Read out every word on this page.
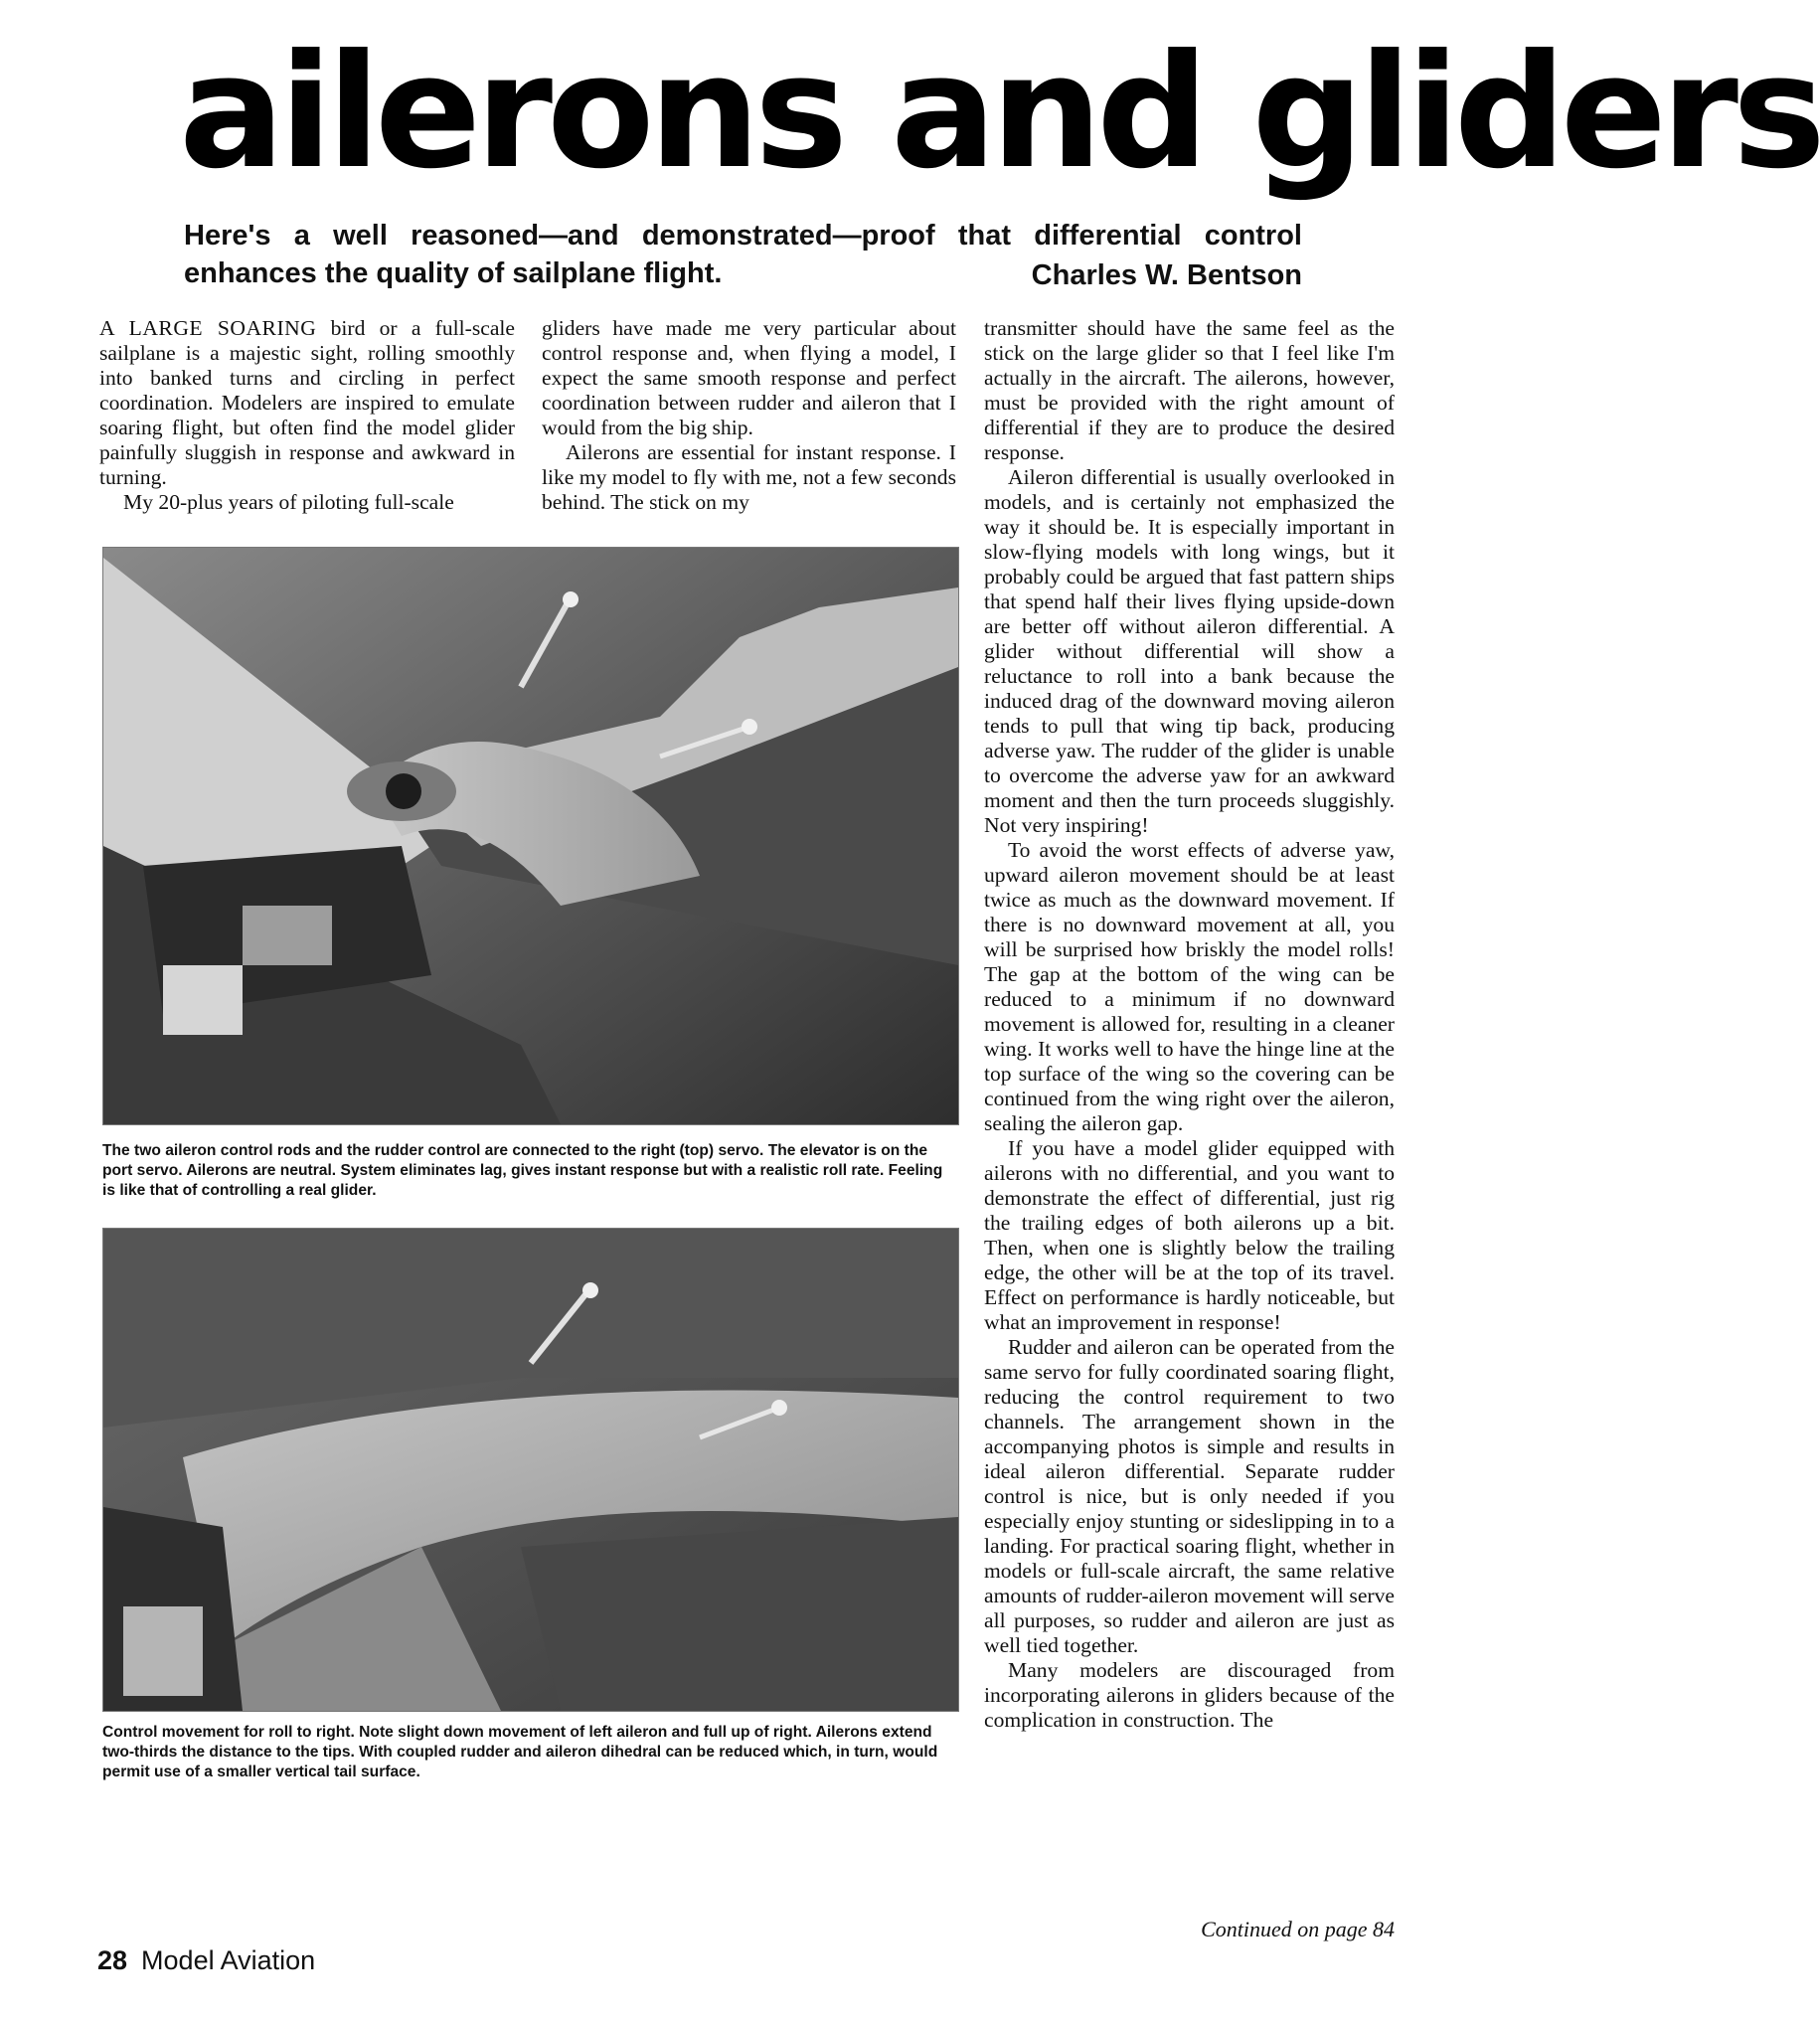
ailerons and gliders

Here's a well reasoned—and demonstrated—proof that differential control enhances the quality of sailplane flight.	Charles W. Bentson

A LARGE SOARING bird or a full-scale sailplane is a majestic sight, rolling smoothly into banked turns and circling in perfect coordination. Modelers are inspired to emulate soaring flight, but often find the model glider painfully sluggish in response and awkward in turning.

My 20-plus years of piloting full-scale

gliders have made me very particular about control response and, when flying a model, I expect the same smooth response and perfect coordination between rudder and aileron that I would from the big ship.

Ailerons are essential for instant response. I like my model to fly with me, not a few seconds behind. The stick on my

transmitter should have the same feel as the stick on the large glider so that I feel like I'm actually in the aircraft. The ailerons, however, must be provided with the right amount of differential if they are to produce the desired response.

Aileron differential is usually overlooked in models, and is certainly not emphasized the way it should be. It is especially important in slow-flying models with long wings, but it probably could be argued that fast pattern ships that spend half their lives flying upside-down are better off without aileron differential. A glider without differential will show a reluctance to roll into a bank because the induced drag of the downward moving aileron tends to pull that wing tip back, producing adverse yaw. The rudder of the glider is unable to overcome the adverse yaw for an awkward moment and then the turn proceeds sluggishly. Not very inspiring!

To avoid the worst effects of adverse yaw, upward aileron movement should be at least twice as much as the downward movement. If there is no downward movement at all, you will be surprised how briskly the model rolls! The gap at the bottom of the wing can be reduced to a minimum if no downward movement is allowed for, resulting in a cleaner wing. It works well to have the hinge line at the top surface of the wing so the covering can be continued from the wing right over the aileron, sealing the aileron gap.

If you have a model glider equipped with ailerons with no differential, and you want to demonstrate the effect of differential, just rig the trailing edges of both ailerons up a bit. Then, when one is slightly below the trailing edge, the other will be at the top of its travel. Effect on performance is hardly noticeable, but what an improvement in response!

Rudder and aileron can be operated from the same servo for fully coordinated soaring flight, reducing the control requirement to two channels. The arrangement shown in the accompanying photos is simple and results in ideal aileron differential. Separate rudder control is nice, but is only needed if you especially enjoy stunting or sideslipping in to a landing. For practical soaring flight, whether in models or full-scale aircraft, the same relative amounts of rudder-aileron movement will serve all purposes, so rudder and aileron are just as well tied together.

Many modelers are discouraged from incorporating ailerons in gliders because of the complication in construction. The

The two aileron control rods and the rudder control are connected to the right (top) servo. The elevator is on the port servo. Ailerons are neutral. System eliminates lag, gives instant response but with a realistic roll rate. Feeling is like that of controlling a real glider.

Control movement for roll to right. Note slight down movement of left aileron and full up of right. Ailerons extend two-thirds the distance to the tips. With coupled rudder and aileron dihedral can be reduced which, in turn, would permit use of a smaller vertical tail surface.

Continued on page 84

28 Model Aviation
